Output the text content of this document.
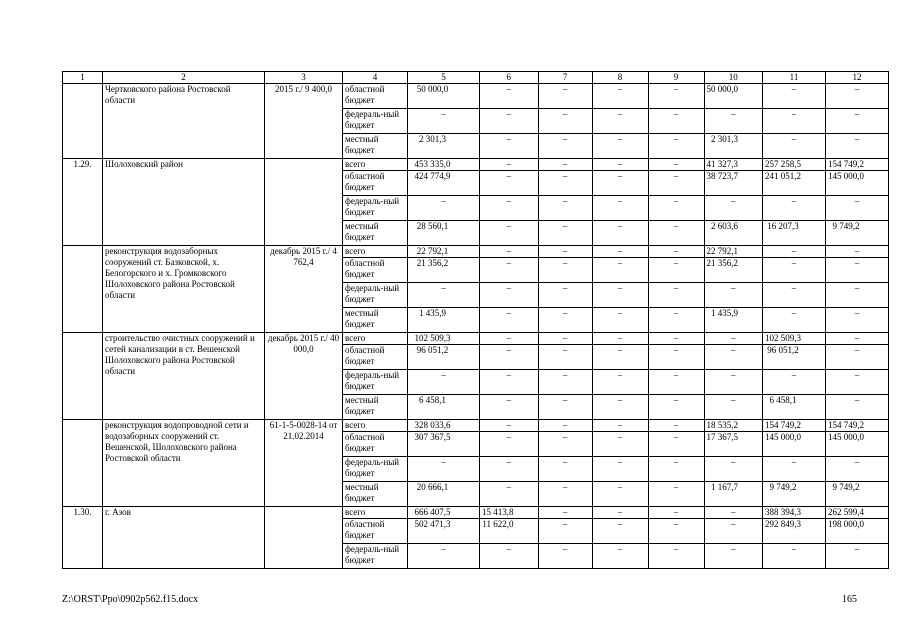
1	2	3	4	5	6	7	8	9	10	11	12
	Чертковского района Ростовской области	2015 г./ 9 400,0	областной бюджет	50 000,0	–	–	–	–	50 000,0	–	–
			федераль-ный бюджет	–	–	–	–	–	–	–	–
			местный бюджет	2 301,3	–	–	–	–	2 301,3	–	–
1.29.	Шолоховский район		всего	453 335,0	–	–	–	–	41 327,3	257 258,5	154 749,2
			областной бюджет	424 774,9	–	–	–	–	38 723,7	241 051,2	145 000,0
			федераль-ный бюджет	–	–	–	–	–	–	–	–
			местный бюджет	28 560,1	–	–	–	–	2 603,6	16 207,3	9 749,2
	реконструкция водозаборных сооружений ст. Базковской, х. Белогорского и х. Громковского Шолоховского района Ростовской области	декабрь 2015 г./ 4 762,4	всего	22 792,1	–	–	–	–	22 792,1	–	–
			областной бюджет	21 356,2	–	–	–	–	21 356,2	–	–
			федераль-ный бюджет	–	–	–	–	–	–	–	–
			местный бюджет	1 435,9	–	–	–	–	1 435,9	–	–
	строительство очистных сооружений и сетей канализации в ст. Вешенской Шолоховского района Ростовской области	декабрь 2015 г./ 40 000,0	всего	102 509,3	–	–	–	–	–	102 509,3	–
			областной бюджет	96 051,2	–	–	–	–	–	96 051,2	–
			федераль-ный бюджет	–	–	–	–	–	–	–	–
			местный бюджет	6 458,1	–	–	–	–	–	6 458,1	–
	реконструкция водопроводной сети и водозаборных сооружений ст. Вешенской, Шолоховского района Ростовской области	61-1-5-0028-14 от 21.02.2014	всего	328 033,6	–	–	–	–	18 535,2	154 749,2	154 749,2
			областной бюджет	307 367,5	–	–	–	–	17 367,5	145 000,0	145 000,0
			федераль-ный бюджет	–	–	–	–	–	–	–	–
			местный бюджет	20 666,1	–	–	–	–	1 167,7	9 749,2	9 749,2
1.30.	г. Азов		всего	666 407,5	15 413,8	–	–	–	–	388 394,3	262 599,4
			областной бюджет	502 471,3	11 622,0	–	–	–	–	292 849,3	198 000,0
			федераль-ный бюджет	–	–	–	–	–	–	–	–
Z:\ORST\Ppo\0902p562.f15.docx	165
